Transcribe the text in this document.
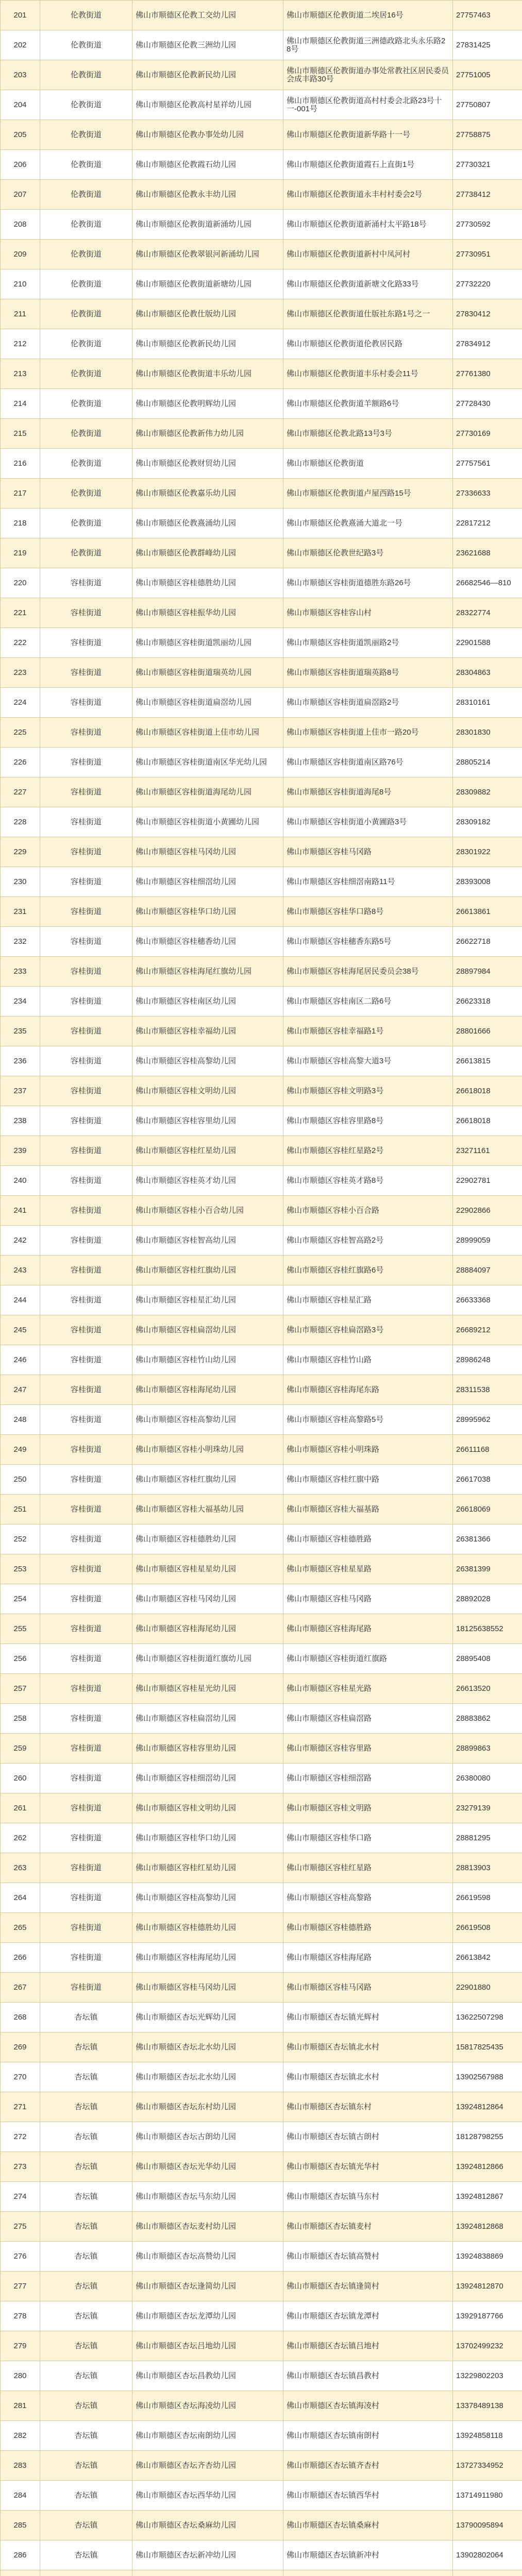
201	伦教街道	佛山市顺德区伦教工交幼儿园	佛山市顺德区伦教街道二埃居16号	27757463
202	伦教街道	佛山市顺德区伦教三洲幼儿园	佛山市顺德区伦教街道三洲德政路北头永乐路28号	27831425
203	伦教街道	佛山市顺德区伦教新民幼儿园	佛山市顺德区伦教街道办事处常教社区居民委员会成丰路30号	27751005
204	伦教街道	佛山市顺德区伦教高村星祥幼儿园	佛山市顺德区伦教街道高村村委会北路23号十一-001号	27750807
205	伦教街道	佛山市顺德区伦教办事处幼儿园	佛山市顺德区伦教街道新华路十一号	27758875
206	伦教街道	佛山市顺德区伦教霞石幼儿园	佛山市顺德区伦教街道霞石上直街1号	27730321
207	伦教街道	佛山市顺德区伦教永丰幼儿园	佛山市顺德区伦教街道永丰村村委会2号	27738412
208	伦教街道	佛山市顺德区伦教街道新涌幼儿园	佛山市顺德区伦教街道新涌村太平路18号	27730592
209	伦教街道	佛山市顺德区伦教翠银河新涌幼儿园	佛山市顺德区伦教街道新村中凤河村	27730951
210	伦教街道	佛山市顺德区伦教街道新塘幼儿园	佛山市顺德区伦教街道新塘文化路33号	27732220
211	伦教街道	佛山市顺德区伦教仕版幼儿园	佛山市顺德区伦教街道仕版社东路1号之一	27830412
212	伦教街道	佛山市顺德区伦教新民幼儿园	佛山市顺德区伦教街道伦教居民路	27834912
213	伦教街道	佛山市顺德区伦教街道丰乐幼儿园	佛山市顺德区伦教街道丰乐村委会11号	27761380
214	伦教街道	佛山市顺德区伦教明辉幼儿园	佛山市顺德区伦教街道羊额路6号	27728430
215	伦教街道	佛山市顺德区伦教新伟力幼儿园	佛山市顺德区伦教北路13号3号	27730169
216	伦教街道	佛山市顺德区伦教财贸幼儿园	佛山市顺德区伦教街道	27757561
217	伦教街道	佛山市顺德区伦教嘉乐幼儿园	佛山市顺德区伦教街道卢屋西路15号	27336633
218	伦教街道	佛山市顺德区伦教熹涌幼儿园	佛山市顺德区伦教熹涌大道北一号	22817212
219	伦教街道	佛山市顺德区伦教群峰幼儿园	佛山市顺德区伦教世纪路3号	23621688
220	容桂街道	佛山市顺德区容桂德胜幼儿园	佛山市顺德区容桂街道德胜东路26号	26682546—810
221	容桂街道	佛山市顺德区容桂振华幼儿园	佛山市顺德区容桂容山村	28322774
222	容桂街道	佛山市顺德区容桂街道凯丽幼儿园	佛山市顺德区容桂街道凯丽路2号	22901588
223	容桂街道	佛山市顺德区容桂街道瑞英幼儿园	佛山市顺德区容桂街道瑞英路8号	28304863
224	容桂街道	佛山市顺德区容桂街道扁滘幼儿园	佛山市顺德区容桂街道扁滘路2号	28310161
225	容桂街道	佛山市顺德区容桂街道上佳市幼儿园	佛山市顺德区容桂街道上佳市一路20号	28301830
226	容桂街道	佛山市顺德区容桂街道南区华光幼儿园	佛山市顺德区容桂街道南区路76号	28805214
227	容桂街道	佛山市顺德区容桂街道海尾幼儿园	佛山市顺德区容桂街道海尾8号	28309882
228	容桂街道	佛山市顺德区容桂街道小黄圃幼儿园	佛山市顺德区容桂街道小黄圃路3号	28309182
229	容桂街道	佛山市顺德区容桂马冈幼儿园	佛山市顺德区容桂马冈路	28301922
230	容桂街道	佛山市顺德区容桂细滘幼儿园	佛山市顺德区容桂细滘南路11号	28393008
231	容桂街道	佛山市顺德区容桂华口幼儿园	佛山市顺德区容桂华口路8号	26613861
232	容桂街道	佛山市顺德区容桂穗香幼儿园	佛山市顺德区容桂穗香东路5号	26622718
233	容桂街道	佛山市顺德区容桂海尾红旗幼儿园	佛山市顺德区容桂海尾居民委员会38号	28897984
234	容桂街道	佛山市顺德区容桂南区幼儿园	佛山市顺德区容桂南区二路6号	26623318
235	容桂街道	佛山市顺德区容桂幸福幼儿园	佛山市顺德区容桂幸福路1号	28801666
236	容桂街道	佛山市顺德区容桂高黎幼儿园	佛山市顺德区容桂高黎大道3号	26613815
237	容桂街道	佛山市顺德区容桂文明幼儿园	佛山市顺德区容桂文明路3号	26618018
238	容桂街道	佛山市顺德区容桂容里幼儿园	佛山市顺德区容桂容里路8号	26618018
239	容桂街道	佛山市顺德区容桂红星幼儿园	佛山市顺德区容桂红星路2号	23271161
240	容桂街道	佛山市顺德区容桂英才幼儿园	佛山市顺德区容桂英才路8号	22902781
241	容桂街道	佛山市顺德区容桂小百合幼儿园	佛山市顺德区容桂小百合路	22902866
242	容桂街道	佛山市顺德区容桂智高幼儿园	佛山市顺德区容桂智高路2号	28999059
243	容桂街道	佛山市顺德区容桂红旗幼儿园	佛山市顺德区容桂红旗路6号	28884097
244	容桂街道	佛山市顺德区容桂星汇幼儿园	佛山市顺德区容桂星汇路	26633368
245	容桂街道	佛山市顺德区容桂扁滘幼儿园	佛山市顺德区容桂扁滘路3号	26689212
246	容桂街道	佛山市顺德区容桂竹山幼儿园	佛山市顺德区容桂竹山路	28986248
247	容桂街道	佛山市顺德区容桂海尾幼儿园	佛山市顺德区容桂海尾东路	28311538
248	容桂街道	佛山市顺德区容桂高黎幼儿园	佛山市顺德区容桂高黎路5号	28995962
249	容桂街道	佛山市顺德区容桂小明珠幼儿园	佛山市顺德区容桂小明珠路	26611168
250	容桂街道	佛山市顺德区容桂红旗幼儿园	佛山市顺德区容桂红旗中路	26617038
251	容桂街道	佛山市顺德区容桂大福基幼儿园	佛山市顺德区容桂大福基路	26618069
252	容桂街道	佛山市顺德区容桂德胜幼儿园	佛山市顺德区容桂德胜路	26381366
253	容桂街道	佛山市顺德区容桂星星幼儿园	佛山市顺德区容桂星星路	26381399
254	容桂街道	佛山市顺德区容桂马冈幼儿园	佛山市顺德区容桂马冈路	28892028
255	容桂街道	佛山市顺德区容桂海尾幼儿园	佛山市顺德区容桂海尾路	18125638552
256	容桂街道	佛山市顺德区容桂街道红旗幼儿园	佛山市顺德区容桂街道红旗路	28895408
257	容桂街道	佛山市顺德区容桂星光幼儿园	佛山市顺德区容桂星光路	26613520
258	容桂街道	佛山市顺德区容桂扁滘幼儿园	佛山市顺德区容桂扁滘路	28883862
259	容桂街道	佛山市顺德区容桂容里幼儿园	佛山市顺德区容桂容里路	28899863
260	容桂街道	佛山市顺德区容桂细滘幼儿园	佛山市顺德区容桂细滘路	26380080
261	容桂街道	佛山市顺德区容桂文明幼儿园	佛山市顺德区容桂文明路	23279139
262	容桂街道	佛山市顺德区容桂华口幼儿园	佛山市顺德区容桂华口路	28881295
263	容桂街道	佛山市顺德区容桂红星幼儿园	佛山市顺德区容桂红星路	28813903
264	容桂街道	佛山市顺德区容桂高黎幼儿园	佛山市顺德区容桂高黎路	26619598
265	容桂街道	佛山市顺德区容桂德胜幼儿园	佛山市顺德区容桂德胜路	26619508
266	容桂街道	佛山市顺德区容桂海尾幼儿园	佛山市顺德区容桂海尾路	26613842
267	容桂街道	佛山市顺德区容桂马冈幼儿园	佛山市顺德区容桂马冈路	22901880
268	杏坛镇	佛山市顺德区杏坛光辉幼儿园	佛山市顺德区杏坛镇光辉村	13622507298
269	杏坛镇	佛山市顺德区杏坛北水幼儿园	佛山市顺德区杏坛镇北水村	15817825435
270	杏坛镇	佛山市顺德区杏坛北水幼儿园	佛山市顺德区杏坛镇北水村	13902567988
271	杏坛镇	佛山市顺德区杏坛东村幼儿园	佛山市顺德区杏坛镇东村	13924812864
272	杏坛镇	佛山市顺德区杏坛古朗幼儿园	佛山市顺德区杏坛镇古朗村	18128798255
273	杏坛镇	佛山市顺德区杏坛光华幼儿园	佛山市顺德区杏坛镇光华村	13924812866
274	杏坛镇	佛山市顺德区杏坛马东幼儿园	佛山市顺德区杏坛镇马东村	13924812867
275	杏坛镇	佛山市顺德区杏坛麦村幼儿园	佛山市顺德区杏坛镇麦村	13924812868
276	杏坛镇	佛山市顺德区杏坛高赞幼儿园	佛山市顺德区杏坛镇高赞村	13924838869
277	杏坛镇	佛山市顺德区杏坛逢简幼儿园	佛山市顺德区杏坛镇逢简村	13924812870
278	杏坛镇	佛山市顺德区杏坛龙潭幼儿园	佛山市顺德区杏坛镇龙潭村	13929187766
279	杏坛镇	佛山市顺德区杏坛吕地幼儿园	佛山市顺德区杏坛镇吕地村	13702499232
280	杏坛镇	佛山市顺德区杏坛昌教幼儿园	佛山市顺德区杏坛镇昌教村	13229802203
281	杏坛镇	佛山市顺德区杏坛海凌幼儿园	佛山市顺德区杏坛镇海凌村	13378489138
282	杏坛镇	佛山市顺德区杏坛南朗幼儿园	佛山市顺德区杏坛镇南朗村	13924858118
283	杏坛镇	佛山市顺德区杏坛齐杏幼儿园	佛山市顺德区杏坛镇齐杏村	13727334952
284	杏坛镇	佛山市顺德区杏坛西华幼儿园	佛山市顺德区杏坛镇西华村	13714911980
285	杏坛镇	佛山市顺德区杏坛桑麻幼儿园	佛山市顺德区杏坛镇桑麻村	13790095894
286	杏坛镇	佛山市顺德区杏坛新冲幼儿园	佛山市顺德区杏坛镇新冲村	13902802064
